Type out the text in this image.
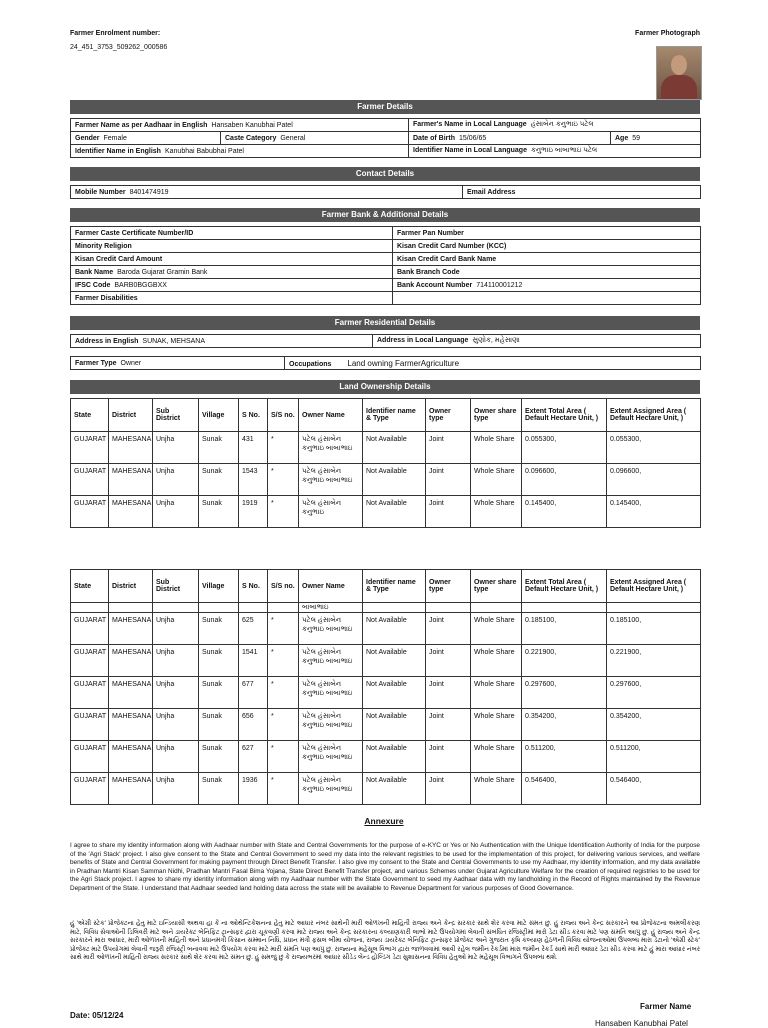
Farmer Enrolment number:
24_451_3753_509262_000586
Farmer Photograph
Farmer Details
Farmer Name as per Aadhaar in English Hansaben Kanubhai Patel		Farmer's Name in Local Language હંસાબેન કનુભાઇ પટેલ	
Gender Female	Caste Category General	Date of Birth 15/06/65	Age 59
Identifier Name in English Kanubhai Babubhai Patel		Identifier Name in Local Language કનુભાઇ બાબાભાઇ પટેલ	
Contact Details
Mobile Number 8401474919	Email Address
Farmer Bank & Additional Details
Farmer Caste Certificate Number/ID	Farmer Pan Number
Minority Religion	Kisan Credit Card Number (KCC)
Kisan Credit Card Amount	Kisan Credit Card Bank Name
Bank Name Baroda Gujarat Gramin Bank	Bank Branch Code
IFSC Code BARB0BGGBXX	Bank Account Number 714110001212
Farmer Disabilities	
Farmer Residential Details
Address in English SUNAK, MEHSANA	Address in Local Language સુણોક, મહેસાણા
Farmer Type Owner	Occupations Land owning FarmerAgriculture
Land Ownership Details
State	District	Sub District	Village	S No.	S/S no.	Owner Name	Identifier name & Type	Owner type	Owner share type	Extent Total Area ( Default Hectare Unit, )	Extent Assigned Area ( Default Hectare Unit, )
GUJARAT	MAHESANA	Unjha	Sunak	431	*	પટેલ હંસાબેન કનુભાઇ બાબાભાઇ	Not Available	Joint	Whole Share	0.055300,	0.055300,
GUJARAT	MAHESANA	Unjha	Sunak	1543	*	પટેલ હંસાબેન કનુભાઇ બાબાભાઇ	Not Available	Joint	Whole Share	0.096600,	0.096600,
GUJARAT	MAHESANA	Unjha	Sunak	1919	*	પટેલ હંસાબેન કનુભાઇ	Not Available	Joint	Whole Share	0.145400,	0.145400,
State	District	Sub District	Village	S No.	S/S no.	Owner Name	Identifier name & Type	Owner type	Owner share type	Extent Total Area ( Default Hectare Unit, )	Extent Assigned Area ( Default Hectare Unit, )
						બાબાભાઇ					
GUJARAT	MAHESANA	Unjha	Sunak	625	*	પટેલ હંસાબેન કનુભાઇ બાબાભાઇ	Not Available	Joint	Whole Share	0.185100,	0.185100,
GUJARAT	MAHESANA	Unjha	Sunak	1541	*	પટેલ હંસાબેન કનુભાઇ બાબાભાઇ	Not Available	Joint	Whole Share	0.221900,	0.221900,
GUJARAT	MAHESANA	Unjha	Sunak	677	*	પટેલ હંસાબેન કનુભાઇ બાબાભાઇ	Not Available	Joint	Whole Share	0.297600,	0.297600,
GUJARAT	MAHESANA	Unjha	Sunak	656	*	પટેલ હંસાબેન કનુભાઇ બાબાભાઇ	Not Available	Joint	Whole Share	0.354200,	0.354200,
GUJARAT	MAHESANA	Unjha	Sunak	627	*	પટેલ હંસાબેન કનુભાઇ બાબાભાઇ	Not Available	Joint	Whole Share	0.511200,	0.511200,
GUJARAT	MAHESANA	Unjha	Sunak	1936	*	પટેલ હંસાબેન કનુભાઇ બાબાભાઇ	Not Available	Joint	Whole Share	0.546400,	0.546400,
Annexure
I agree to share my identity information along with Aadhaar number with State and Central Governments for the purpose of e-KYC or Yes or No Authentication with the Unique Identification Authority of India for the purpose of the 'Agri Stack' project. I also give consent to the State and Central Government to seed my data into the relevant registries to be used for the implementation of this project, for delivering various services, and welfare benefits of State and Central Government for making payment through Direct Benefit Transfer. I also give my consent to the State and Central Governments to use my Aadhaar, my identity information, and my data available in Pradhan Mantri Kisan Samman Nidhi, Pradhan Mantri Fasal Bima Yojana, State Direct Benefit Transfer project, and various Schemes under Gujarat Agriculture Welfare for the creation of required registries to be used for the Agri Stack project. I agree to share my identity information along with my Aadhaar number with the State Government to seed my Aadhaar data with my landholding in the Record of Rights maintained by the Revenue Department of the State. I understand that Aadhaar seeded land holding data across the state will be available to Revenue Department for various purposes of Good Governance.
હું 'એગ્રી સ્ટેક' પ્રોજેક્ટના હેતુ માટે ઇન્ડિયાસી અથવા હા કે ના ઓથેન્ટિકેશનના હેતુ માટે આધાર નંબર સાથેની મારી ઓળખની માહિતી રાજ્ય અને કેન્દ્ર સરકાર સાથે શેર કરવા માટે સંમત છું. હું રાજ્ય અને કેન્દ્ર સરકારને આ પ્રોજેક્ટના અમલીકરણ માટે, વિવિધ સેવાઓની ડિલિવરી માટે અને ડાયરેક્ટ બેનિફિટ ટ્રાન્સફર દ્વારા ચૂકવણી કરવા માટે રાજ્ય અને કેન્દ્ર સરકારના કલ્યાણકારી લાભો માટે ઉપયોગમાં લેવાતી સંબંધિત રજિસ્ટ્રીમાં મારો ડેટા સીડ કરવા માટે પણ સંમતિ આપું છું. હું રાજ્ય અને કેન્દ્ર સરકારને મારા આધાર, મારી ઓળખની માહિતી અને પ્રધાનમંત્રી કિસાન સમ્માન નિધિ, પ્રધાન મંત્રી ફસલ બીમા યોજના, રાજ્ય ડાયરેક્ટ બેનિફિટ ટ્રાન્સફર પ્રોજેક્ટ અને ગુજરાત કૃષિ કલ્યાણ હેઠળની વિવિધ યોજનાઓમાં ઉપલબ્ધ મારા ડેટાનો 'એગ્રી સ્ટેક' પ્રોજેક્ટ માટે ઉપયોગમાં લેવાતી જરૂરી રજિસ્ટ્રી બનાવવા માટે ઉપયોગ કરવા માટે મારી સંમતિ પણ આપું છું. રાજ્યના મહેસૂલ વિભાગ દ્વારા જાળવવામાં આવી રહેલ જમીન રેકર્ડમાં મારા જમીન રેકર્ડ સાથે મારી આધાર ડેટા સીડ કરવા માટે હું મારા આધાર નંબર સાથે મારી ઓળખની માહિતી રાજ્ય સરકાર સાથે શેર કરવા માટે સંમત છું. હું સમજું છું કે રાજ્યભરમાં આધાર સીડેડ લેન્ડ હોલ્ડિંગ ડેટા સુશાસનના વિવિધ હેતુઓ માટે મહેસૂલ વિભાગને ઉપલબ્ધ થશે.
Date: 05/12/24
Farmer Name
Hansaben Kanubhai Patel
